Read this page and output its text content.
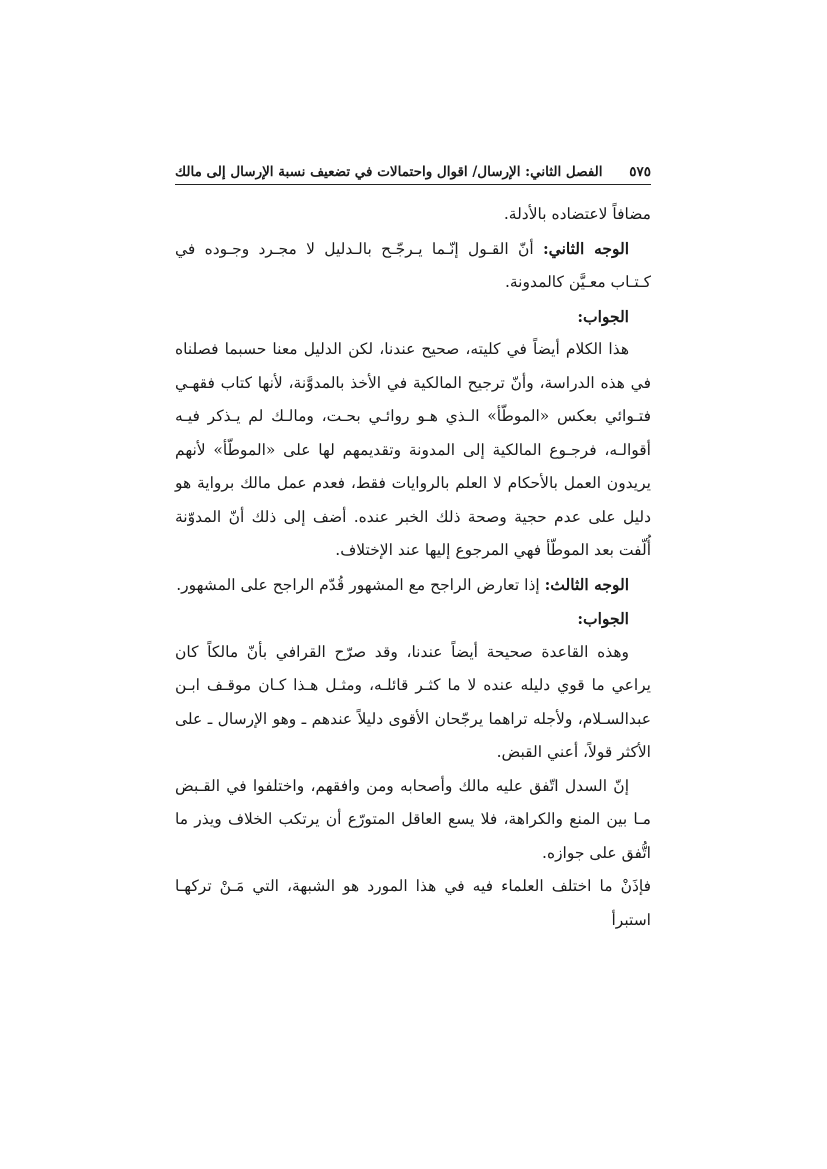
الفصل الثاني: الإرسال/ اقوال واحتمالات في تضعيف نسبة الإرسال إلى مالك ٥٧٥

مضافاً لاعتضاده بالأدلة.

الوجه الثاني: أنّ القـول إنّـما يـرجّـح بالـدليل لا مجـرد وجـوده في كـتـاب معـيَّن كالمدونة.

الجواب:

هذا الكلام أيضاً في كليته، صحيح عندنا، لكن الدليل معنا حسبما فصلناه في هذه الدراسة، وأنّ ترجيح المالكية في الأخذ بالمدوَّنة، لأنها كتاب فقهـي فتـوائي بعكس «الموطّأ» الـذي هـو روائـي بحـت، ومالـك لم يـذكر فيـه أقوالـه، فرجـوع المالكية إلى المدونة وتقديمهم لها على «الموطّأ» لأنهم يريدون العمل بالأحكام لا العلم بالروايات فقط، فعدم عمل مالك برواية هو دليل على عدم حجية وصحة ذلك الخبر عنده. أضف إلى ذلك أنّ المدوّنة أُلّفت بعد الموطّأ فهي المرجوع إليها عند الإختلاف.

الوجه الثالث: إذا تعارض الراجح مع المشهور قُدّم الراجح على المشهور.

الجواب:

وهذه القاعدة صحيحة أيضاً عندنا، وقد صرّح القرافي بأنّ مالكاً كان يراعي ما قوي دليله عنده لا ما كثـر قائلـه، ومثـل هـذا كـان موقـف ابـن عبدالسـلام، ولأجله تراهما يرجّحان الأقوى دليلاً عندهم ـ وهو الإرسال ـ على الأكثر قولاً، أعني القبض.

إنّ السدل اتّفق عليه مالك وأصحابه ومن وافقهم، واختلفوا في القـبض مـا بين المنع والكراهة، فلا يسع العاقل المتورّع أن يرتكب الخلاف ويذر ما اتُّفق على جوازه.

فإذَنْ ما اختلف العلماء فيه في هذا المورد هو الشبهة، التي مَـنْ تركهـا استبرأ
